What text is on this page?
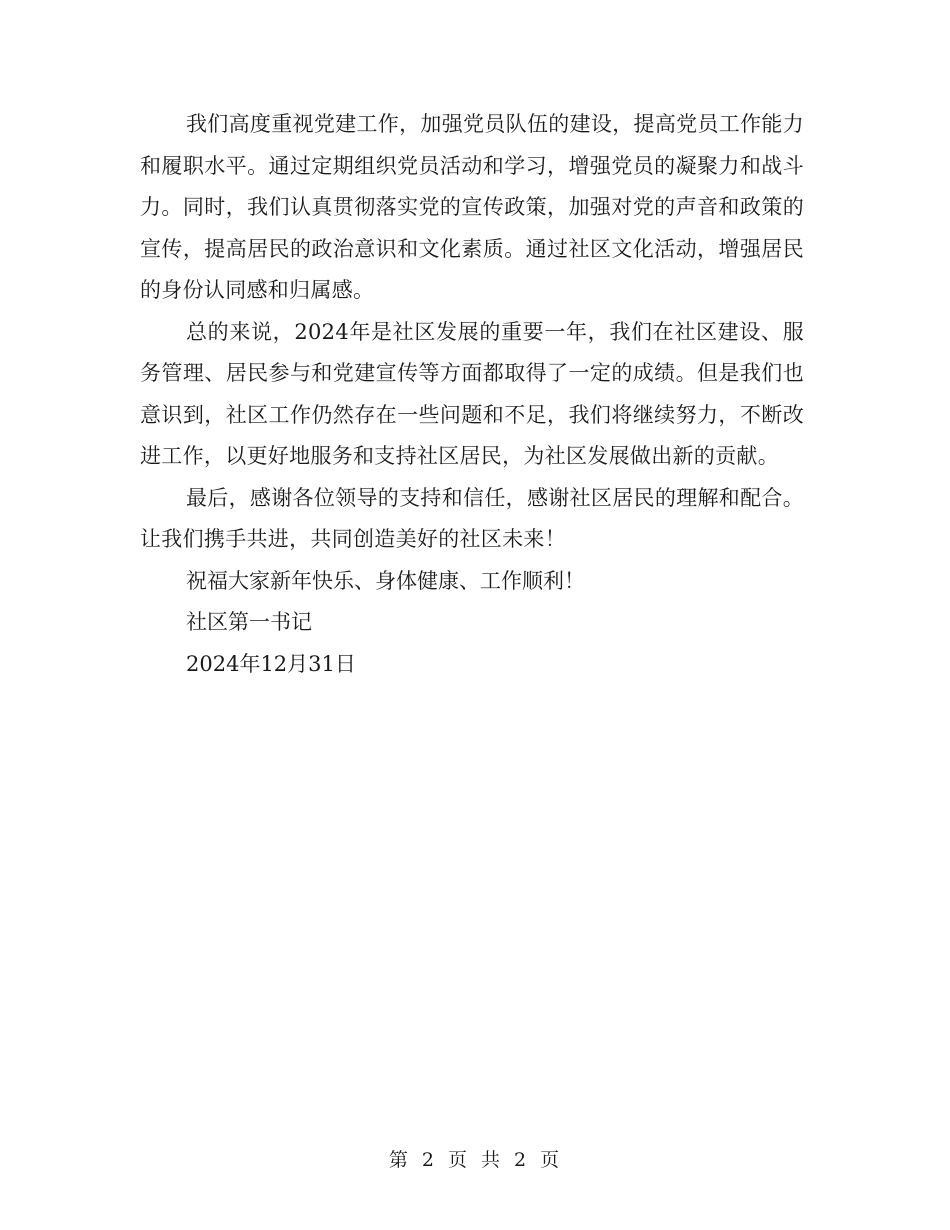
我们高度重视党建工作，加强党员队伍的建设，提高党员工作能力和履职水平。通过定期组织党员活动和学习，增强党员的凝聚力和战斗力。同时，我们认真贯彻落实党的宣传政策，加强对党的声音和政策的宣传，提高居民的政治意识和文化素质。通过社区文化活动，增强居民的身份认同感和归属感。

总的来说，2024年是社区发展的重要一年，我们在社区建设、服务管理、居民参与和党建宣传等方面都取得了一定的成绩。但是我们也意识到，社区工作仍然存在一些问题和不足，我们将继续努力，不断改进工作，以更好地服务和支持社区居民，为社区发展做出新的贡献。

最后，感谢各位领导的支持和信任，感谢社区居民的理解和配合。让我们携手共进，共同创造美好的社区未来！

祝福大家新年快乐、身体健康、工作顺利！

社区第一书记

2024年12月31日

第 2 页 共 2 页
